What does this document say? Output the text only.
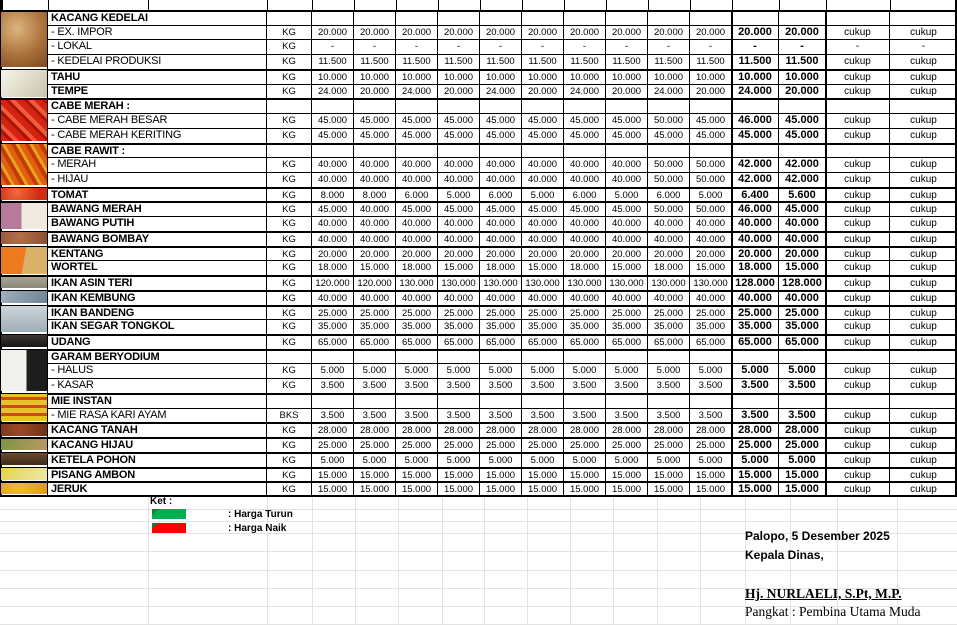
KACANG KEDELAI
- EX. IMPOR	KG	20.000	20.000	20.000	20.000	20.000	20.000	20.000	20.000	20.000	20.000	20.000	20.000	cukup	cukup
- LOKAL	KG	-	-	-	-	-	-	-	-	-	-	-	-	-	-
- KEDELAI PRODUKSI	KG	11.500	11.500	11.500	11.500	11.500	11.500	11.500	11.500	11.500	11.500	11.500	11.500	cukup	cukup
TAHU	KG	10.000	10.000	10.000	10.000	10.000	10.000	10.000	10.000	10.000	10.000	10.000	10.000	cukup	cukup
TEMPE	KG	24.000	20.000	24.000	20.000	24.000	20.000	24.000	20.000	24.000	20.000	24.000	20.000	cukup	cukup
CABE MERAH :
- CABE MERAH BESAR	KG	45.000	45.000	45.000	45.000	45.000	45.000	45.000	45.000	50.000	45.000	46.000	45.000	cukup	cukup
- CABE MERAH KERITING	KG	45.000	45.000	45.000	45.000	45.000	45.000	45.000	45.000	45.000	45.000	45.000	45.000	cukup	cukup
CABE RAWIT :
- MERAH	KG	40.000	40.000	40.000	40.000	40.000	40.000	40.000	40.000	50.000	50.000	42.000	42.000	cukup	cukup
- HIJAU	KG	40.000	40.000	40.000	40.000	40.000	40.000	40.000	40.000	50.000	50.000	42.000	42.000	cukup	cukup
TOMAT	KG	8.000	8.000	6.000	5.000	6.000	5.000	6.000	5.000	6.000	5.000	6.400	5.600	cukup	cukup
BAWANG MERAH	KG	45.000	40.000	45.000	45.000	45.000	45.000	45.000	45.000	50.000	50.000	46.000	45.000	cukup	cukup
BAWANG PUTIH	KG	40.000	40.000	40.000	40.000	40.000	40.000	40.000	40.000	40.000	40.000	40.000	40.000	cukup	cukup
BAWANG BOMBAY	KG	40.000	40.000	40.000	40.000	40.000	40.000	40.000	40.000	40.000	40.000	40.000	40.000	cukup	cukup
KENTANG	KG	20.000	20.000	20.000	20.000	20.000	20.000	20.000	20.000	20.000	20.000	20.000	20.000	cukup	cukup
WORTEL	KG	18.000	15.000	18.000	15.000	18.000	15.000	18.000	15.000	18.000	15.000	18.000	15.000	cukup	cukup
IKAN ASIN TERI	KG	120.000 120.000 130.000 130.000 130.000 130.000 130.000 130.000 130.000 130.000 128.000 128.000	cukup	cukup
IKAN KEMBUNG	KG	40.000	40.000	40.000	40.000	40.000	40.000	40.000	40.000	40.000	40.000	40.000	40.000	cukup	cukup
IKAN BANDENG	KG	25.000	25.000	25.000	25.000	25.000	25.000	25.000	25.000	25.000	25.000	25.000	25.000	cukup	cukup
IKAN SEGAR TONGKOL	KG	35.000	35.000	35.000	35.000	35.000	35.000	35.000	35.000	35.000	35.000	35.000	35.000	cukup	cukup
UDANG	KG	65.000	65.000	65.000	65.000	65.000	65.000	65.000	65.000	65.000	65.000	65.000	65.000	cukup	cukup
GARAM BERYODIUM
- HALUS	KG	5.000	5.000	5.000	5.000	5.000	5.000	5.000	5.000	5.000	5.000	5.000	5.000	cukup	cukup
- KASAR	KG	3.500	3.500	3.500	3.500	3.500	3.500	3.500	3.500	3.500	3.500	3.500	3.500	cukup	cukup
MIE INSTAN
- MIE RASA KARI AYAM	BKS	3.500	3.500	3.500	3.500	3.500	3.500	3.500	3.500	3.500	3.500	3.500	3.500	cukup	cukup
KACANG TANAH	KG	28.000	28.000	28.000	28.000	28.000	28.000	28.000	28.000	28.000	28.000	28.000	28.000	cukup	cukup
KACANG HIJAU	KG	25.000	25.000	25.000	25.000	25.000	25.000	25.000	25.000	25.000	25.000	25.000	25.000	cukup	cukup
KETELA POHON	KG	5.000	5.000	5.000	5.000	5.000	5.000	5.000	5.000	5.000	5.000	5.000	5.000	cukup	cukup
PISANG AMBON	KG	15.000	15.000	15.000	15.000	15.000	15.000	15.000	15.000	15.000	15.000	15.000	15.000	cukup	cukup
JERUK	KG	15.000	15.000	15.000	15.000	15.000	15.000	15.000	15.000	15.000	15.000	15.000	15.000	cukup	cukup
Ket :
: Harga Turun
: Harga Naik
Palopo, 5 Desember 2025
Kepala Dinas,
Hj. NURLAELI, S.Pt, M.P.
Pangkat : Pembina Utama Muda
